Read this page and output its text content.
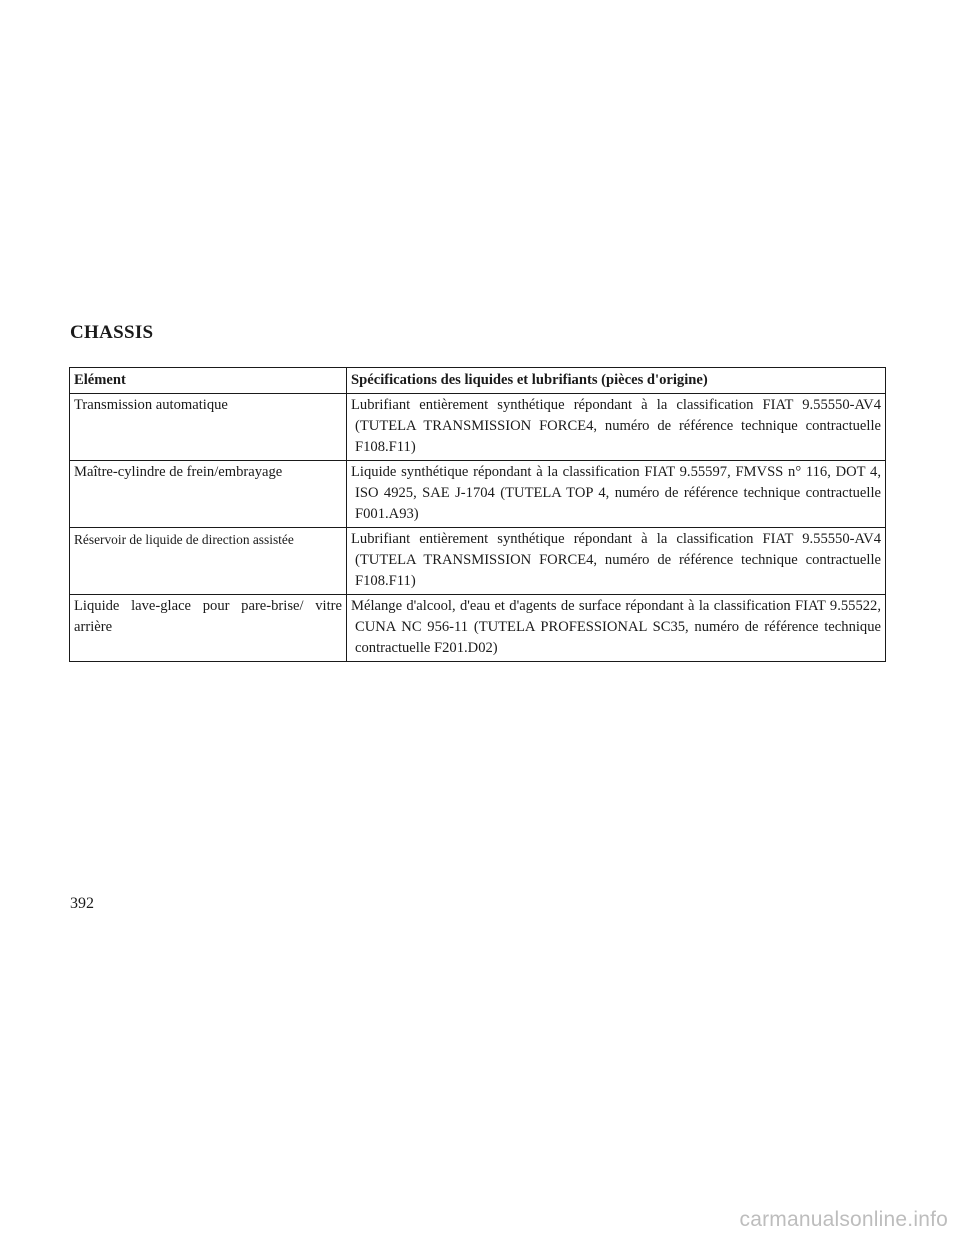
CHASSIS
Elément	Spécifications des liquides et lubrifiants (pièces d'origine)
Transmission automatique	Lubrifiant entièrement synthétique répondant à la classification FIAT 9.55550-AV4 (TUTELA TRANSMISSION FORCE4, numéro de référence technique contractuelle F108.F11)
Maître-cylindre de frein/embrayage	Liquide synthétique répondant à la classification FIAT 9.55597, FMVSS n° 116, DOT 4, ISO 4925, SAE J-1704 (TUTELA TOP 4, numéro de référence technique contractuelle F001.A93)
Réservoir de liquide de direction assistée	Lubrifiant entièrement synthétique répondant à la classification FIAT 9.55550-AV4 (TUTELA TRANSMISSION FORCE4, numéro de référence technique contractuelle F108.F11)
Liquide lave-glace pour pare-brise/ vitre arrière	Mélange d'alcool, d'eau et d'agents de surface répondant à la classification FIAT 9.55522, CUNA NC 956-11 (TUTELA PROFESSIONAL SC35, numéro de référence technique contractuelle F201.D02)
392
carmanualsonline.info
